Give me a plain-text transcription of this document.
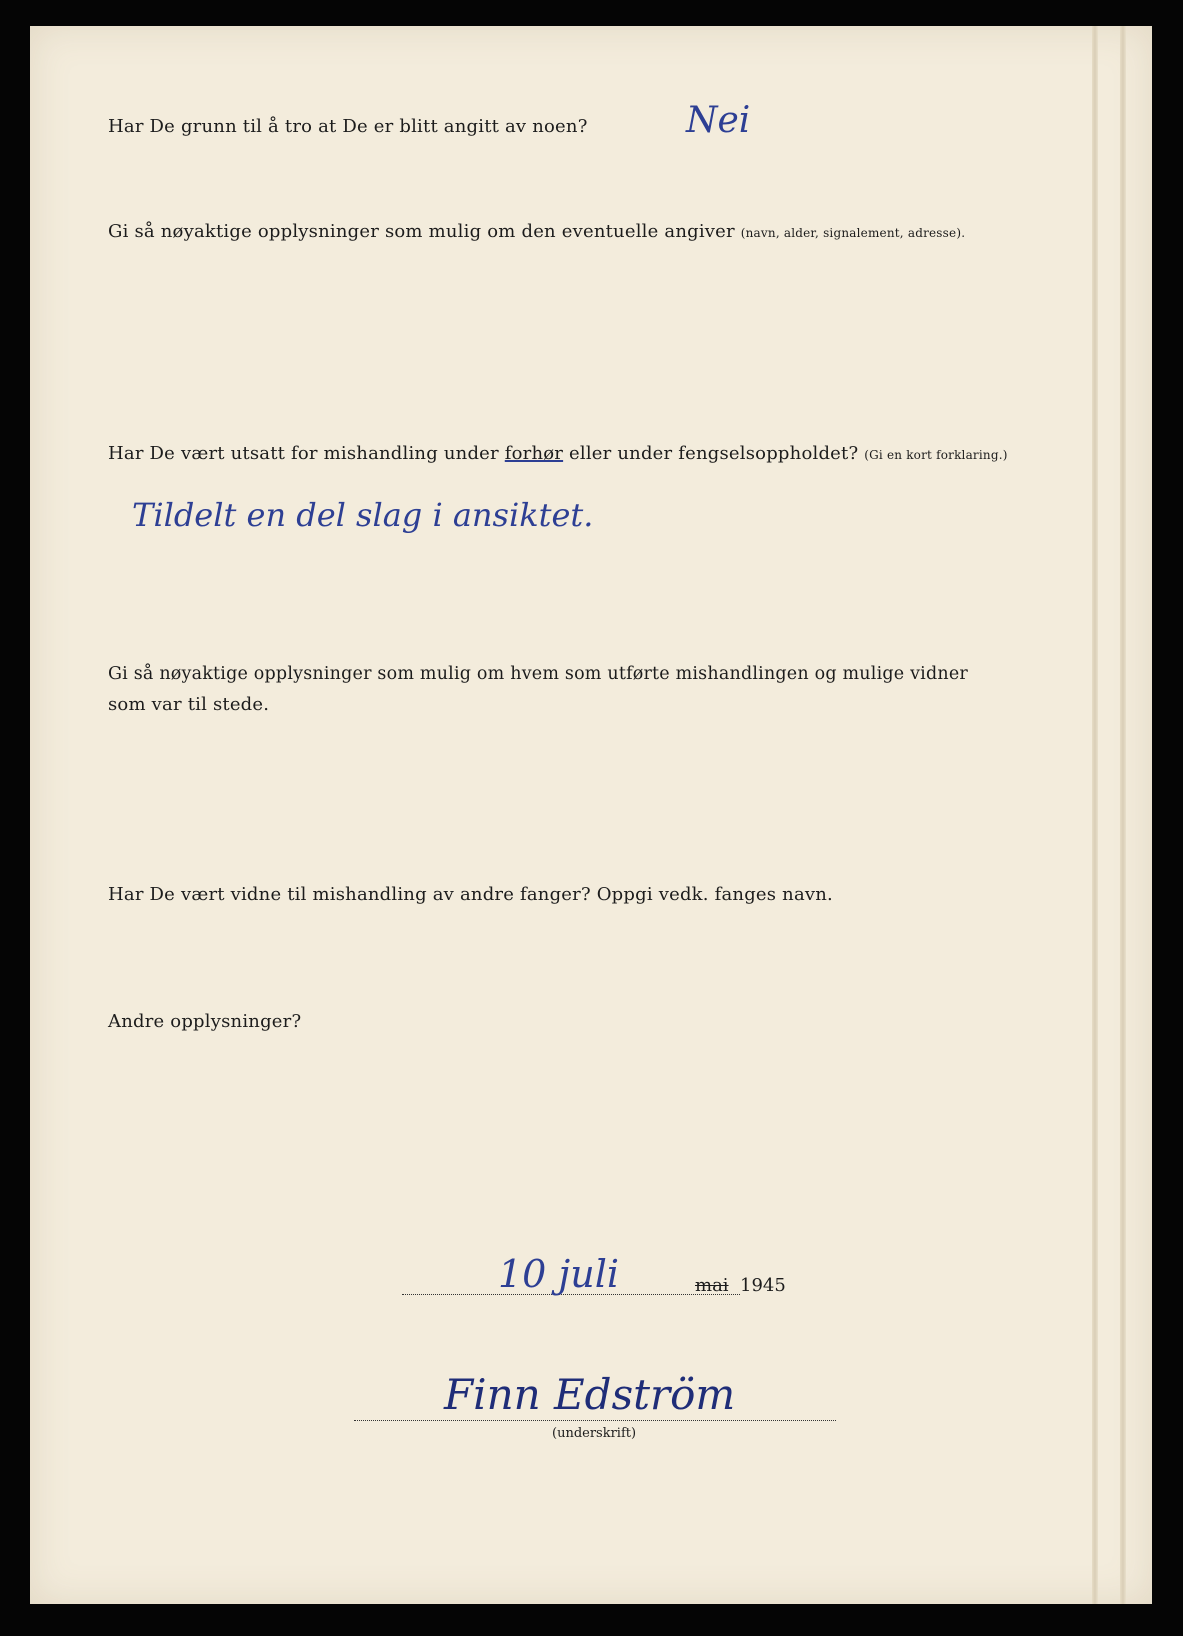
Har De grunn til å tro at De er blitt angitt av noen?	Nei
Gi så nøyaktige opplysninger som mulig om den eventuelle angiver (navn, alder, signalement, adresse).
Har De vært utsatt for mishandling under forhør eller under fengselsoppholdet? (Gi en kort forklaring.)
Tildelt en del slag i ansiktet.
Gi så nøyaktige opplysninger som mulig om hvem som utførte mishandlingen og mulige vidner
som var til stede.
Har De vært vidne til mishandling av andre fanger? Oppgi vedk. fanges navn.
Andre opplysninger?
10 juli	mai 1945
Finn Edström
(underskrift)
